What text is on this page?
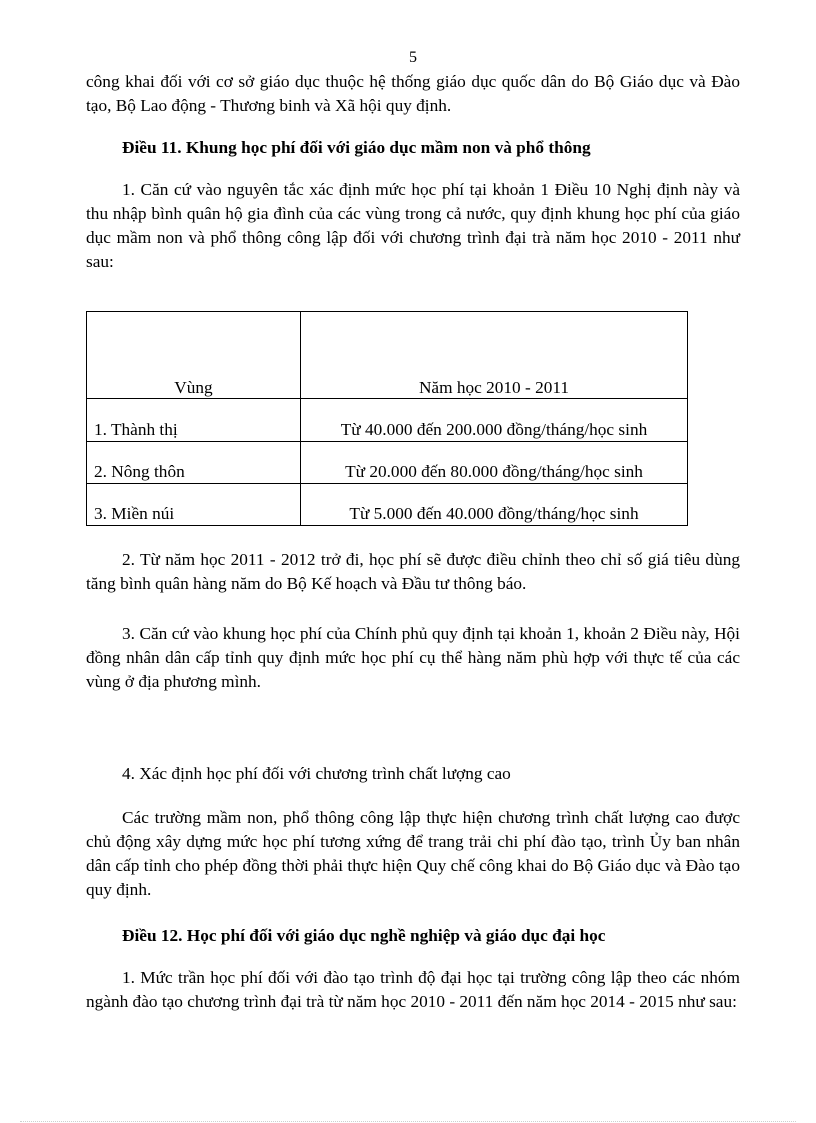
5

công khai đối với cơ sở giáo dục thuộc hệ thống giáo dục quốc dân do Bộ Giáo dục và Đào tạo, Bộ Lao động - Thương binh và Xã hội quy định.

Điều 11. Khung học phí đối với giáo dục mầm non và phổ thông

1. Căn cứ vào nguyên tắc xác định mức học phí tại khoản 1 Điều 10 Nghị định này và thu nhập bình quân hộ gia đình của các vùng trong cả nước, quy định khung học phí của giáo dục mầm non và phổ thông công lập đối với chương trình đại trà năm học 2010 - 2011 như sau:

Vùng	Năm học 2010 - 2011
1. Thành thị	Từ 40.000 đến 200.000 đồng/tháng/học sinh
2. Nông thôn	Từ 20.000 đến 80.000 đồng/tháng/học sinh
3. Miền núi	Từ 5.000 đến 40.000 đồng/tháng/học sinh

2. Từ năm học 2011 - 2012 trở đi, học phí sẽ được điều chỉnh theo chỉ số giá tiêu dùng tăng bình quân hàng năm do Bộ Kế hoạch và Đầu tư thông báo.

3. Căn cứ vào khung học phí của Chính phủ quy định tại khoản 1, khoản 2 Điều này, Hội đồng nhân dân cấp tỉnh quy định mức học phí cụ thể hàng năm phù hợp với thực tế của các vùng ở địa phương mình.

4. Xác định học phí đối với chương trình chất lượng cao

Các trường mầm non, phổ thông công lập thực hiện chương trình chất lượng cao được chủ động xây dựng mức học phí tương xứng để trang trải chi phí đào tạo, trình Ủy ban nhân dân cấp tỉnh cho phép đồng thời phải thực hiện Quy chế công khai do Bộ Giáo dục và Đào tạo quy định.

Điều 12. Học phí đối với giáo dục nghề nghiệp và giáo dục đại học

1. Mức trần học phí đối với đào tạo trình độ đại học tại trường công lập theo các nhóm ngành đào tạo chương trình đại trà từ năm học 2010 - 2011 đến năm học 2014 - 2015 như sau:
